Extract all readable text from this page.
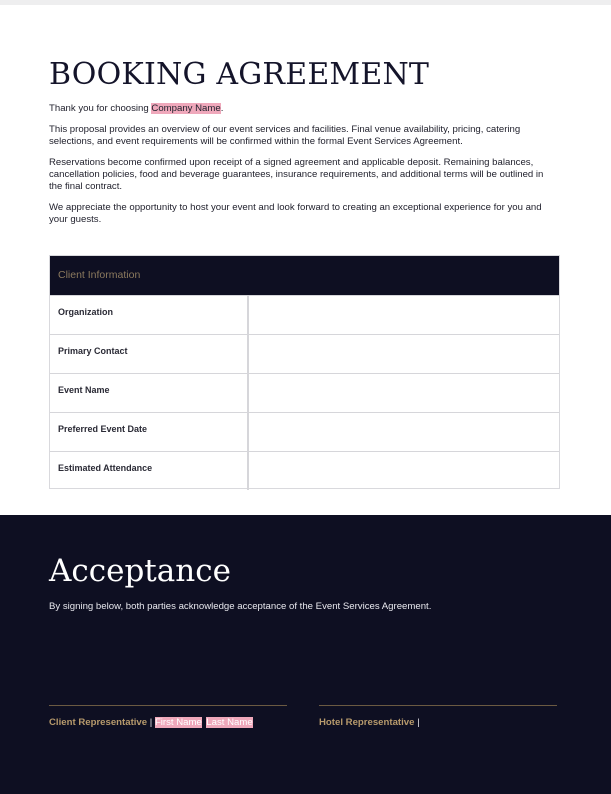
BOOKING AGREEMENT

Thank you for choosing Company Name.

This proposal provides an overview of our event services and facilities. Final venue availability, pricing, catering selections, and event requirements will be confirmed within the formal Event Services Agreement.

Reservations become confirmed upon receipt of a signed agreement and applicable deposit. Remaining balances, cancellation policies, food and beverage guarantees, insurance requirements, and additional terms will be outlined in the final contract.

We appreciate the opportunity to host your event and look forward to creating an exceptional experience for you and your guests.

Client Information
Organization
Primary Contact
Event Name
Preferred Event Date
Estimated Attendance
Acceptance

By signing below, both parties acknowledge acceptance of the Event Services Agreement.

Client Representative | First Name Last Name	Hotel Representative |
